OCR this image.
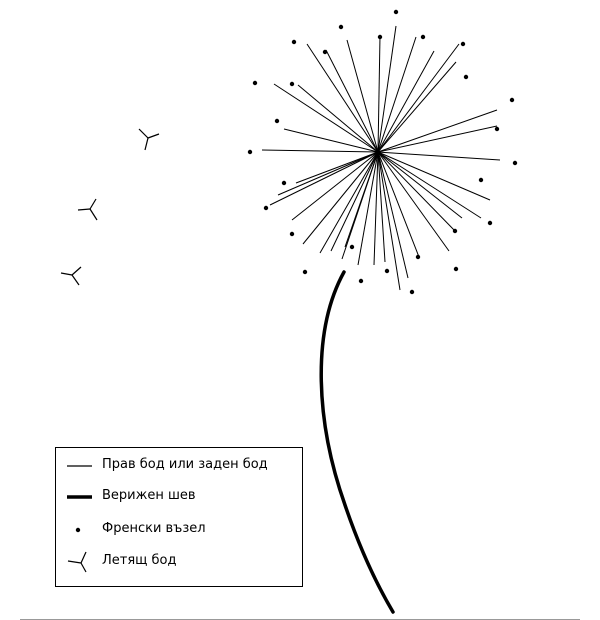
Прав бод или заден бод
Верижен шев
Френски възел
Летящ бод
